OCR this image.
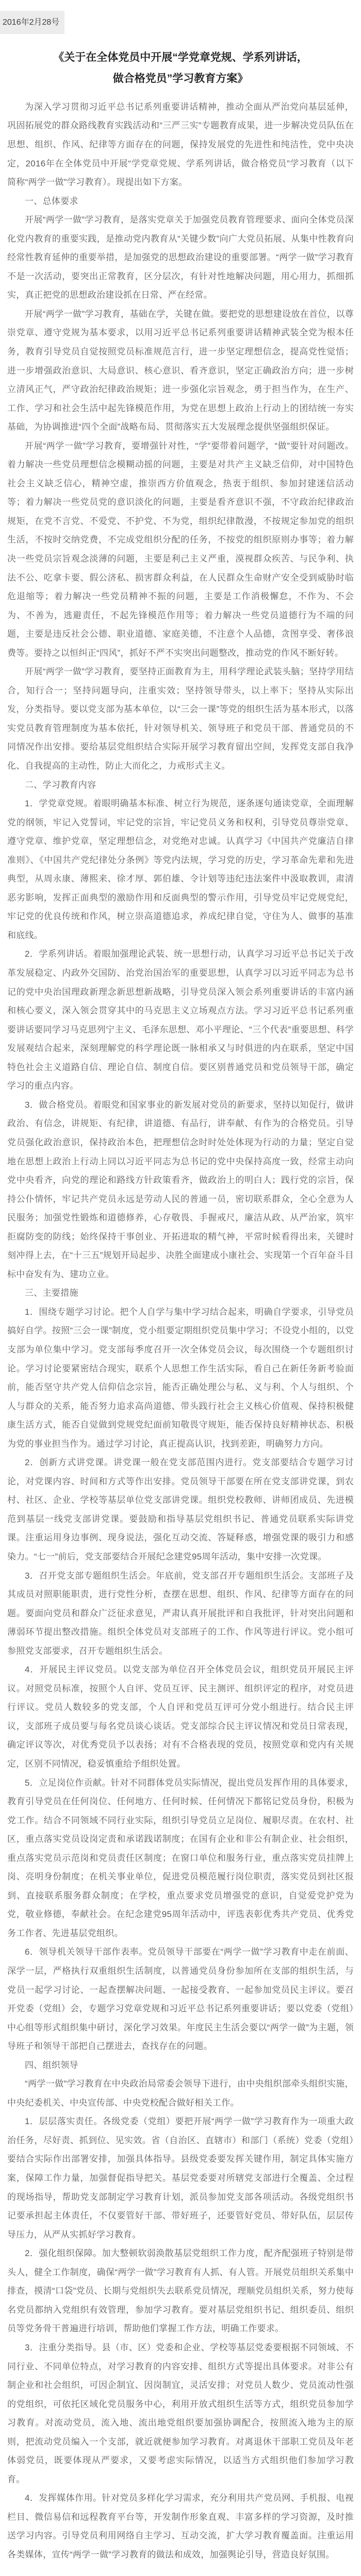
2016年2月28号
《关于在全体党员中开展“学党章党规、学系列讲话，
做合格党员”学习教育方案》

为深入学习贯彻习近平总书记系列重要讲话精神，推动全面从严治党向基层延伸，巩固拓展党的群众路线教育实践活动和“三严三实”专题教育成果，进一步解决党员队伍在思想、组织、作风、纪律等方面存在的问题，保持发展党的先进性和纯洁性，党中央决定，2016年在全体党员中开展“学党章党规、学系列讲话，做合格党员”学习教育（以下简称“两学一做”学习教育）。现提出如下方案。

一、总体要求

开展“两学一做”学习教育，是落实党章关于加强党员教育管理要求、面向全体党员深化党内教育的重要实践，是推动党内教育从“关键少数”向广大党员拓展、从集中性教育向经常性教育延伸的重要举措，是加强党的思想政治建设的重要部署。“两学一做”学习教育不是一次活动，要突出正常教育，区分层次，有针对性地解决问题，用心用力，抓细抓实，真正把党的思想政治建设抓在日常、严在经常。

开展“两学一做”学习教育，基础在学，关键在做。要把党的思想建设放在首位，以尊崇党章、遵守党规为基本要求，以用习近平总书记系列重要讲话精神武装全党为根本任务，教育引导党员自觉按照党员标准规范言行，进一步坚定理想信念，提高党性觉悟；进一步增强政治意识、大局意识、核心意识、看齐意识，坚定正确政治方向；进一步树立清风正气，严守政治纪律政治规矩；进一步强化宗旨观念，勇于担当作为，在生产、工作、学习和社会生活中起先锋模范作用，为党在思想上政治上行动上的团结统一夯实基础，为协调推进“四个全面”战略布局、贯彻落实五大发展理念提供坚强组织保证。

开展“两学一做”学习教育，要增强针对性，“学”要带着问题学，“做”要针对问题改。着力解决一些党员理想信念模糊动摇的问题，主要是对共产主义缺乏信仰，对中国特色社会主义缺乏信心，精神空虚，推崇西方价值观念，热衷于组织、参加封建迷信活动等；着力解决一些党员党的意识淡化的问题，主要是看齐意识不强，不守政治纪律政治规矩，在党不言党、不爱党、不护党、不为党，组织纪律散漫，不按规定参加党的组织生活，不按时交纳党费，不完成党组织分配的任务，不按党的组织原则办事等；着力解决一些党员宗旨观念淡薄的问题，主要是利己主义严重，漠视群众疾苦、与民争利、执法不公、吃拿卡要、假公济私、损害群众利益，在人民群众生命财产安全受到威胁时临危退缩等；着力解决一些党员精神不振的问题，主要是工作消极懈怠，不作为、不会为、不善为，逃避责任，不起先锋模范作用等；着力解决一些党员道德行为不端的问题，主要是违反社会公德、职业道德、家庭美德，不注意个人品德，贪图享受、奢侈浪费等。要持之以恒纠正“四风”，抓好不严不实突出问题整改，推动党的作风不断好转。

开展“两学一做”学习教育，要坚持正面教育为主，用科学理论武装头脑；坚持学用结合，知行合一；坚持问题导向，注重实效；坚持领导带头，以上率下；坚持从实际出发，分类指导。要以党支部为基本单位，以“三会一课”等党的组织生活为基本形式，以落实党员教育管理制度为基本依托，针对领导机关、领导班子和党员干部、普通党员的不同情况作出安排。要给基层党组织结合实际开展学习教育留出空间，发挥党支部自我净化、自我提高的主动性，防止大而化之，力戒形式主义。

二、学习教育内容

1．学党章党规。着眼明确基本标准、树立行为规范，逐条逐句通读党章，全面理解党的纲领，牢记入党誓词，牢记党的宗旨，牢记党员义务和权利，引导党员尊崇党章、遵守党章、维护党章，坚定理想信念，对党绝对忠诚。认真学习《中国共产党廉洁自律准则》、《中国共产党纪律处分条例》等党内法规，学习党的历史，学习革命先辈和先进典型，从周永康、薄熙来、徐才厚、郭伯雄、令计划等违纪违法案件中汲取教训，肃清恶劣影响，发挥正面典型的激励作用和反面典型的警示作用，引导党员牢记党规党纪，牢记党的优良传统和作风，树立崇高道德追求，养成纪律自觉，守住为人、做事的基准和底线。

2．学系列讲话。着眼加强理论武装、统一思想行动，认真学习习近平总书记关于改革发展稳定、内政外交国防、治党治国治军的重要思想，认真学习以习近平同志为总书记的党中央治国理政新理念新思想新战略，引导党员深入领会系列重要讲话的丰富内涵和核心要义，深入领会贯穿其中的马克思主义立场观点方法。学习习近平总书记系列重要讲话要同学习马克思列宁主义、毛泽东思想、邓小平理论、“三个代表”重要思想、科学发展观结合起来，深刻理解党的科学理论既一脉相承又与时俱进的内在联系，坚定中国特色社会主义道路自信、理论自信、制度自信。要区别普通党员和党员领导干部，确定学习的重点内容。

3．做合格党员。着眼党和国家事业的新发展对党员的新要求，坚持以知促行，做讲政治、有信念，讲规矩、有纪律，讲道德、有品行，讲奉献、有作为的合格党员。引导党员强化政治意识，保持政治本色，把理想信念时时处处体现为行动的力量；坚定自觉地在思想上政治上行动上同以习近平同志为总书记的党中央保持高度一致，经常主动向党中央看齐，向党的理论和路线方针政策看齐，做政治上的明白人；践行党的宗旨，保持公仆情怀，牢记共产党员永远是劳动人民的普通一员，密切联系群众，全心全意为人民服务；加强党性锻炼和道德修养，心存敬畏、手握戒尺，廉洁从政、从严治家，筑牢拒腐防变的防线；始终保持干事创业、开拓进取的精气神，平常时候看得出来，关键时刻冲得上去，在“十三五”规划开局起步、决胜全面建成小康社会、实现第一个百年奋斗目标中奋发有为、建功立业。

三、主要措施

1．围绕专题学习讨论。把个人自学与集中学习结合起来，明确自学要求，引导党员搞好自学。按照“三会一课”制度，党小组要定期组织党员集中学习；不设党小组的，以党支部为单位集中学习。党支部每季度召开一次全体党员会议，每次围绕一个专题组织讨论。学习讨论要紧密结合现实，联系个人思想工作生活实际，看自己在新任务新考验面前，能否坚守共产党人信仰信念宗旨，能否正确处理公与私、义与利、个人与组织、个人与群众的关系，能否努力追求高尚道德、带头践行社会主义核心价值观、保持积极健康生活方式，能否自觉做到党规党纪面前知敬畏守规矩，能否保持良好精神状态、积极为党的事业担当作为。通过学习讨论，真正提高认识，找到差距，明确努力方向。

2．创新方式讲党课。讲党课一般在党支部范围内进行。党支部要结合专题学习讨论，对党课内容、时间和方式等作出安排。党员领导干部要在所在党支部讲党课，到农村、社区、企业、学校等基层单位党支部讲党课。组织党校教师、讲师团成员、先进模范到基层一线党支部讲党课。要鼓励和指导基层党组织书记、普通党员联系实际讲党课。注重运用身边事例、现身说法，强化互动交流、答疑释惑，增强党课的吸引力和感染力。“七一”前后，党支部要结合开展纪念建党95周年活动，集中安排一次党课。

3．召开党支部专题组织生活会。年底前，党支部召开专题组织生活会。支部班子及其成员对照职能职责，进行党性分析，查摆在思想、组织、作风、纪律等方面存在的问题。要面向党员和群众广泛征求意见，严肃认真开展批评和自我批评，针对突出问题和薄弱环节提出整改措施。组织全体党员对支部班子的工作、作风等进行评议。党小组可参照党支部要求，召开专题组织生活会。

4．开展民主评议党员。以党支部为单位召开全体党员会议，组织党员开展民主评议。对照党员标准，按照个人自评、党员互评、民主测评、组织评定的程序，对党员进行评议。党员人数较多的党支部，个人自评和党员互评可分党小组进行。结合民主评议，支部班子成员要与每名党员谈心谈话。党支部综合民主评议情况和党员日常表现，确定评议等次，对优秀党员予以表扬；对有不合格表现的党员，按照党章和党内有关规定，区别不同情况，稳妥慎重给予组织处置。

5．立足岗位作贡献。针对不同群体党员实际情况，提出党员发挥作用的具体要求，教育引导党员在任何岗位、任何地方、任何时候、任何情况下都铭记党员身份，积极为党工作。结合不同领域不同行业实际，组织引导党员立足岗位、履职尽责。在农村、社区，重点落实党员设岗定责和承诺践诺制度；在国有企业和非公有制企业、社会组织，重点落实党员示范岗和党员责任区制度；在窗口单位和服务行业，重点落实党员挂牌上岗、亮明身份制度；在机关事业单位，促进党员模范履行岗位职责，落实党员到社区报到、直接联系服务群众制度；在学校，重点要求党员增强党的意识，自觉爱党护党为党，敬业修德，奉献社会。在纪念建党95周年活动中，评选表彰优秀共产党员、优秀党务工作者、先进基层党组织。

6．领导机关领导干部作表率。党员领导干部要在“两学一做”学习教育中走在前面、深学一层，严格执行双重组织生活制度，以普通党员身份参加所在支部的组织生活，与党员一起学习讨论、一起查摆解决问题、一起接受教育、一起参加党员民主评议。要召开党委（党组）会，专题学习党章党规和习近平总书记系列重要讲话；要以党委（党组）中心组等形式组织集中研讨，深化学习效果。年度民主生活会要以“两学一做”为主题，领导班子和领导干部把自己摆进去，查找存在的问题。

四、组织领导

“两学一做”学习教育在中央政治局常委会领导下进行，由中央组织部牵头组织实施，中央纪委机关、中央宣传部、中央党校配合做好相关工作。

1．层层落实责任。各级党委（党组）要把开展“两学一做”学习教育作为一项重大政治任务，尽好责、抓到位、见实效。省（自治区、直辖市）和部门（系统）党委（党组）要结合实际作出部署安排，加强具体指导。县级党委要发挥关键作用，制定具体实施方案，保障工作力量，加强督促指导把关。基层党委要对所辖党支部进行全覆盖、全过程的现场指导，帮助党支部制定学习教育计划，派员参加党支部各项活动。各级党组织书记要承担起主体责任，不仅要管好干部、带好班子，还要管好党员、带好队伍，层层传导压力，从严从实抓好学习教育。

2．强化组织保障。加大整顿软弱涣散基层党组织工作力度，配齐配强班子特别是带头人，健全工作制度，确保“两学一做”学习教育有人抓、有人管。开展党员组织关系集中排查，摸清“口袋”党员、长期与党组织失去联系党员情况，理顺党员组织关系，努力使每名党员都纳入党组织有效管理，参加学习教育。要对基层党组织书记、组织委员、组织员等党务骨干普遍进行培训，帮助他们掌握工作方法，明确工作要求。

3．注重分类指导。县（市、区）党委和企业、学校等基层党委要根据不同领域、不同行业、不同单位特点，对学习教育的内容安排、组织方式等提出具体要求。对非公有制企业和社会组织，可因企制宜、因岗制宜，灵活安排；对党员人数少、党员流动性强的党组织，可依托区域化党员服务中心，利用开放式组织生活等方式，组织党员参加学习教育。对流动党员，流入地、流出地党组织要加强协调配合，按照流入地为主的原则，把流动党员编入一个支部，就近就便参加学习教育。对离退休干部职工党员及年老体弱党员，既要体现从严要求，又要考虑实际情况，以适当方式组织他们参加学习教育。

4．发挥媒体作用。针对党员多样化学习需求，充分利用共产党员网、手机报、电视栏目、微信易信和远程教育平台等，开发制作形象直观、丰富多样的学习资源，及时推送学习内容。引导党员利用网络自主学习、互动交流，扩大学习教育覆盖面。注重运用各类媒体，宣传“两学一做”学习教育的做法和成效，加强舆论引导，营造良好氛围。
